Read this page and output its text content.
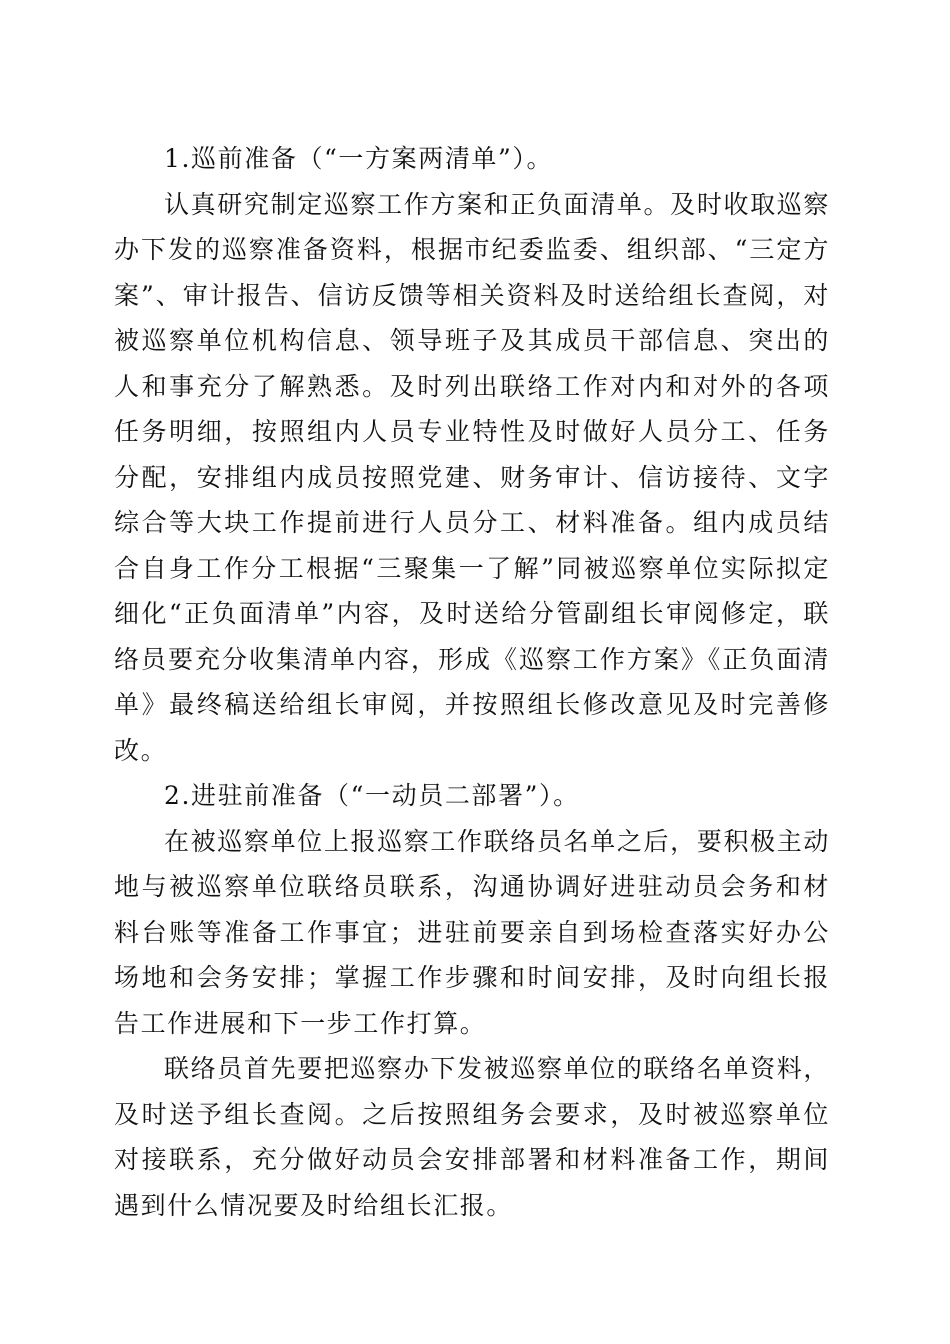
1.巡前准备（“一方案两清单”）。

认真研究制定巡察工作方案和正负面清单。及时收取巡察办下发的巡察准备资料，根据市纪委监委、组织部、“三定方案”、审计报告、信访反馈等相关资料及时送给组长查阅，对被巡察单位机构信息、领导班子及其成员干部信息、突出的人和事充分了解熟悉。及时列出联络工作对内和对外的各项任务明细，按照组内人员专业特性及时做好人员分工、任务分配，安排组内成员按照党建、财务审计、信访接待、文字综合等大块工作提前进行人员分工、材料准备。组内成员结合自身工作分工根据“三聚集一了解”同被巡察单位实际拟定细化“正负面清单”内容，及时送给分管副组长审阅修定，联络员要充分收集清单内容，形成《巡察工作方案》《正负面清单》最终稿送给组长审阅，并按照组长修改意见及时完善修改。

2.进驻前准备（“一动员二部署”）。

在被巡察单位上报巡察工作联络员名单之后，要积极主动地与被巡察单位联络员联系，沟通协调好进驻动员会务和材料台账等准备工作事宜；进驻前要亲自到场检查落实好办公场地和会务安排；掌握工作步骤和时间安排，及时向组长报告工作进展和下一步工作打算。

联络员首先要把巡察办下发被巡察单位的联络名单资料，及时送予组长查阅。之后按照组务会要求，及时被巡察单位对接联系，充分做好动员会安排部署和材料准备工作，期间遇到什么情况要及时给组长汇报。
